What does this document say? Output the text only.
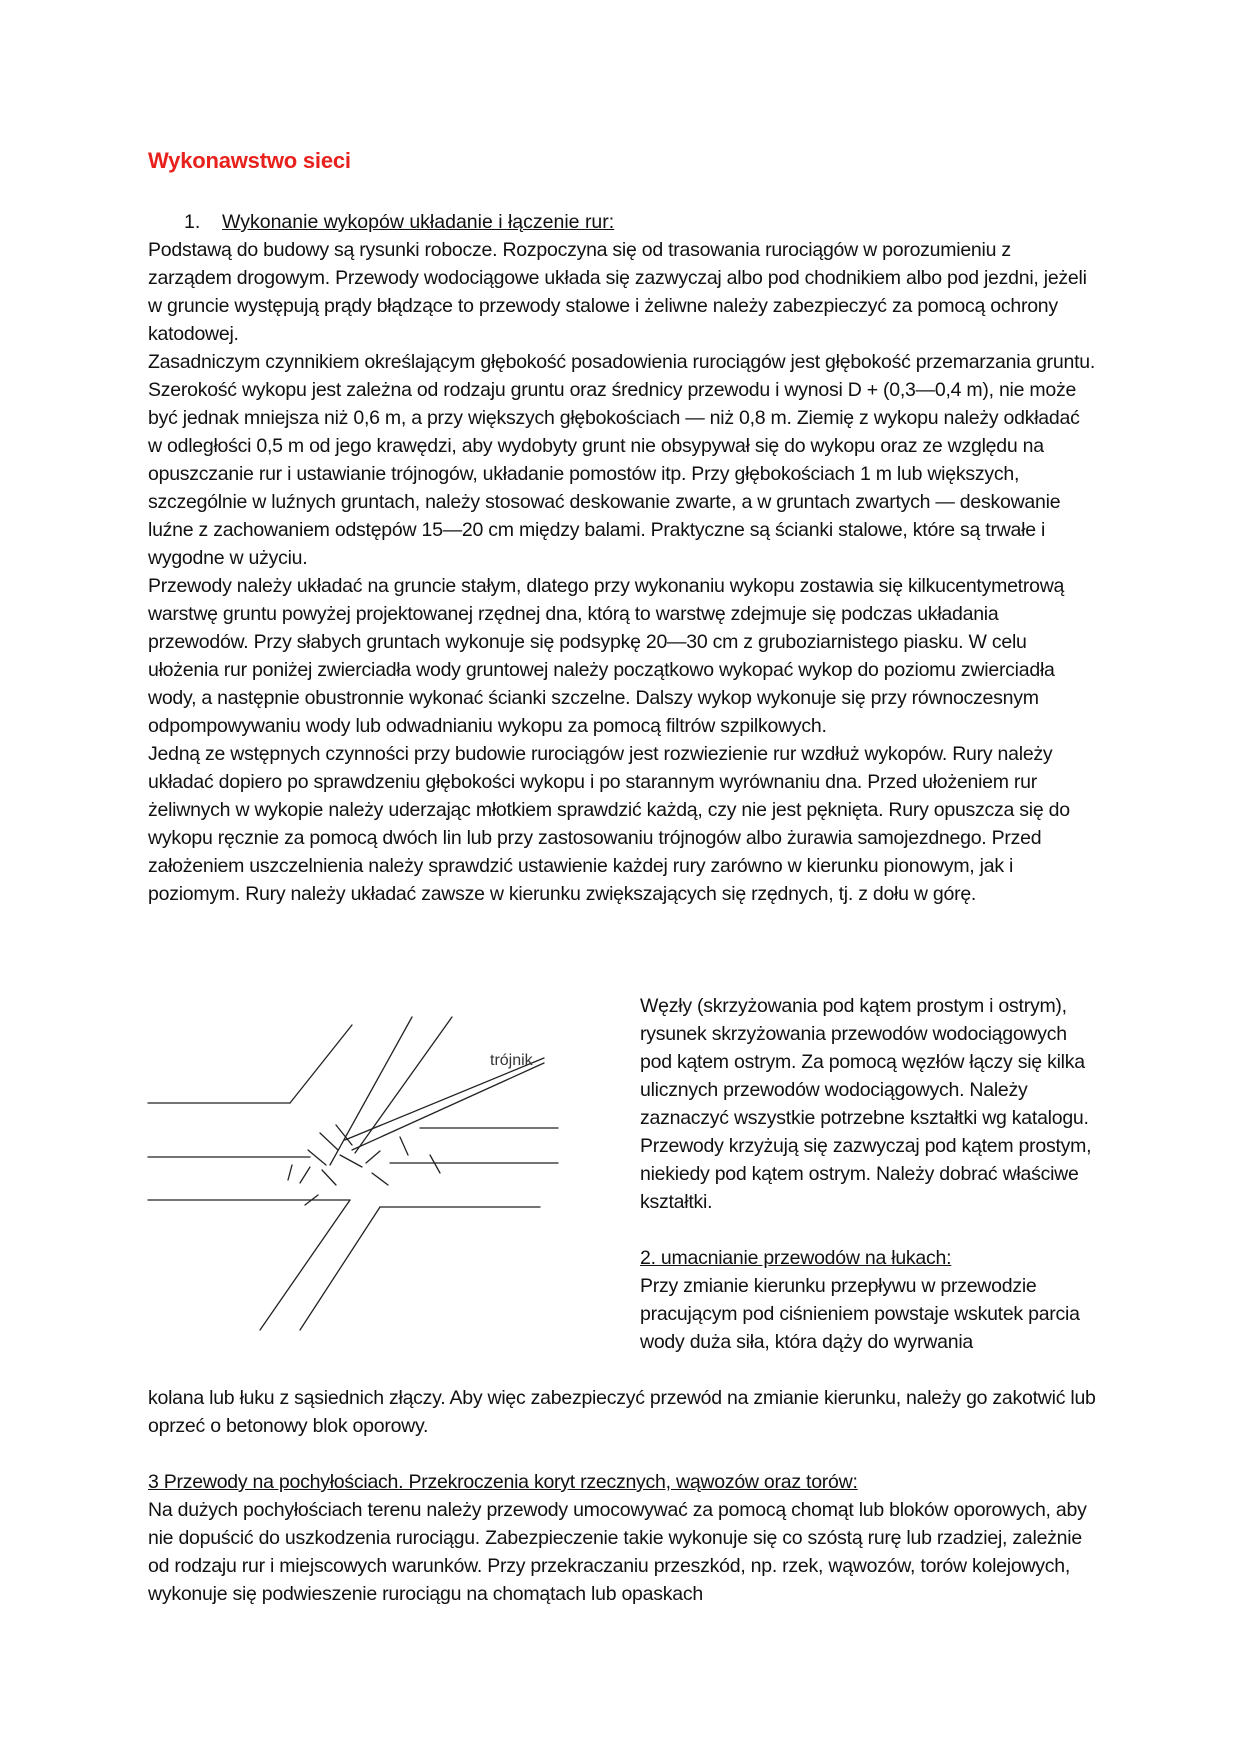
Wykonawstwo sieci
1. Wykonanie wykopów układanie i łączenie rur:

Podstawą do budowy są rysunki robocze. Rozpoczyna się od trasowania rurociągów w porozumieniu z zarządem drogowym. Przewody wodociągowe układa się zazwyczaj albo pod chodnikiem albo pod jezdni, jeżeli w gruncie występują prądy błądzące to przewody stalowe i żeliwne należy zabezpieczyć za pomocą ochrony katodowej.

Zasadniczym czynnikiem określającym głębokość posadowienia rurociągów jest głębokość przemarzania gruntu.

Szerokość wykopu jest zależna od rodzaju gruntu oraz średnicy przewodu i wynosi D + (0,3—0,4 m), nie może być jednak mniejsza niż 0,6 m, a przy większych głębokościach — niż 0,8 m. Ziemię z wykopu należy odkładać w odległości 0,5 m od jego krawędzi, aby wydobyty grunt nie obsypywał się do wykopu oraz ze względu na opuszczanie rur i ustawianie trójnogów, układanie pomostów itp. Przy głębokościach 1 m lub większych, szczególnie w luźnych gruntach, należy stosować deskowanie zwarte, a w gruntach zwartych — deskowanie luźne z zachowaniem odstępów 15—20 cm między balami. Praktyczne są ścianki stalowe, które są trwałe i wygodne w użyciu.

Przewody należy układać na gruncie stałym, dlatego przy wykonaniu wykopu zostawia się kilkucentymetrową warstwę gruntu powyżej projektowanej rzędnej dna, którą to warstwę zdejmuje się podczas układania przewodów. Przy słabych gruntach wykonuje się podsypkę 20—30 cm z gruboziarnistego piasku. W celu ułożenia rur poniżej zwierciadła wody gruntowej należy początkowo wykopać wykop do poziomu zwierciadła wody, a następnie obustronnie wykonać ścianki szczelne. Dalszy wykop wykonuje się przy równoczesnym odpompowywaniu wody lub odwadnianiu wykopu za pomocą filtrów szpilkowych.

Jedną ze wstępnych czynności przy budowie rurociągów jest rozwiezienie rur wzdłuż wykopów. Rury należy układać dopiero po sprawdzeniu głębokości wykopu i po starannym wyrównaniu dna. Przed ułożeniem rur żeliwnych w wykopie należy uderzając młotkiem sprawdzić każdą, czy nie jest pęknięta. Rury opuszcza się do wykopu ręcznie za pomocą dwóch lin lub przy zastosowaniu trójnogów albo żurawia samojezdnego. Przed założeniem uszczelnienia należy sprawdzić ustawienie każdej rury zarówno w kierunku pionowym, jak i poziomym. Rury należy układać zawsze w kierunku zwiększających się rzędnych, tj. z dołu w górę.

trójnik

Węzły (skrzyżowania pod kątem prostym i ostrym), rysunek skrzyżowania przewodów wodociągowych pod kątem ostrym. Za pomocą węzłów łączy się kilka ulicznych przewodów wodociągowych. Należy zaznaczyć wszystkie potrzebne kształtki wg katalogu. Przewody krzyżują się zazwyczaj pod kątem prostym, niekiedy pod kątem ostrym. Należy dobrać właściwe kształtki.

2. umacnianie przewodów na łukach:

Przy zmianie kierunku przepływu w przewodzie pracującym pod ciśnieniem powstaje wskutek parcia wody duża siła, która dąży do wyrwania

kolana lub łuku z sąsiednich złączy. Aby więc zabezpieczyć przewód na zmianie kierunku, należy go zakotwić lub oprzeć o betonowy blok oporowy.

3 Przewody na pochyłościach. Przekroczenia koryt rzecznych, wąwozów oraz torów:

Na dużych pochyłościach terenu należy przewody umocowywać za pomocą chomąt lub bloków oporowych, aby nie dopuścić do uszkodzenia rurociągu. Zabezpieczenie takie wykonuje się co szóstą rurę lub rzadziej, zależnie od rodzaju rur i miejscowych warunków. Przy przekraczaniu przeszkód, np. rzek, wąwozów, torów kolejowych, wykonuje się podwieszenie rurociągu na chomątach lub opaskach
